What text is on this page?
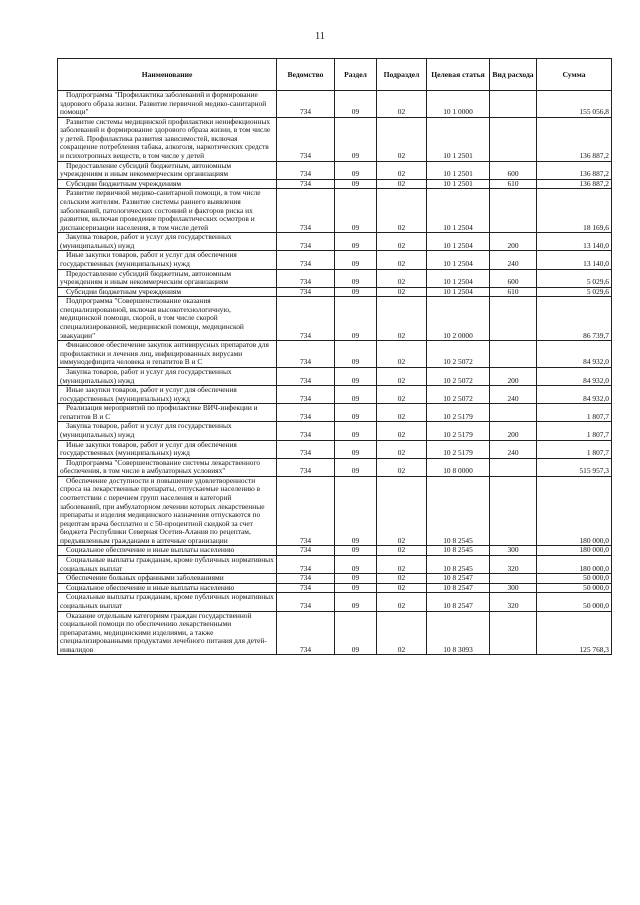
11
Наименование	Ведомство	Раздел	Подраздел	Целевая статья	Вид расхода	Сумма
Подпрограмма "Профилактика заболеваний и формирование здорового образа жизни. Развитие первичной медико-санитарной помощи"	734	09	02	10 1 0000		155 056,8
Развитие системы медицинской профилактики неинфекционных заболеваний и формирование здорового образа жизни, в том числе у детей. Профилактика развития зависимостей, включая сокращение потребления табака, алкоголя, наркотических средств и психотропных веществ, в том числе у детей	734	09	02	10 1 2501		136 887,2
Предоставление субсидий бюджетным, автономным учреждениям и иным некоммерческим организациям	734	09	02	10 1 2501	600	136 887,2
Субсидии бюджетным учреждениям	734	09	02	10 1 2501	610	136 887,2
Развитие первичной медико-санитарной помощи, в том числе сельским жителям. Развитие системы раннего выявления заболеваний, патологических состояний и факторов риска их развития, включая проведение профилактических осмотров и диспансеризации населения, в том числе детей	734	09	02	10 1 2504		18 169,6
Закупка товаров, работ и услуг для государственных (муниципальных) нужд	734	09	02	10 1 2504	200	13 140,0
Иные закупки товаров, работ и услуг для обеспечения государственных (муниципальных) нужд	734	09	02	10 1 2504	240	13 140,0
Предоставление субсидий бюджетным, автономным учреждениям и иным некоммерческим организациям	734	09	02	10 1 2504	600	5 029,6
Субсидии бюджетным учреждениям	734	09	02	10 1 2504	610	5 029,6
Подпрограмма "Совершенствование оказания специализированной, включая высокотехнологичную, медицинской помощи, скорой, в том числе скорой специализированной, медицинской помощи, медицинской эвакуации"	734	09	02	10 2 0000		86 739,7
Финансовое обеспечение закупок антивирусных препаратов для профилактики и лечения лиц, инфицированных вирусами иммунодефицита человека и гепатитов В и С	734	09	02	10 2 5072		84 932,0
Закупка товаров, работ и услуг для государственных (муниципальных) нужд	734	09	02	10 2 5072	200	84 932,0
Иные закупки товаров, работ и услуг для обеспечения государственных (муниципальных) нужд	734	09	02	10 2 5072	240	84 932,0
Реализация мероприятий по профилактике ВИЧ-инфекции и гепатитов В и С	734	09	02	10 2 5179		1 807,7
Закупка товаров, работ и услуг для государственных (муниципальных) нужд	734	09	02	10 2 5179	200	1 807,7
Иные закупки товаров, работ и услуг для обеспечения государственных (муниципальных) нужд	734	09	02	10 2 5179	240	1 807,7
Подпрограмма "Совершенствование системы лекарственного обеспечения, в том числе в амбулаторных условиях"	734	09	02	10 8 0000		515 957,3
Обеспечение доступности и повышение удовлетворенности спроса на лекарственные препараты, отпускаемые населению в соответствии с перечнем групп населения и категорий заболеваний, при амбулаторном лечении которых лекарственные препараты и изделия медицинского назначения отпускаются по рецептам врача бесплатно и с 50-процентной скидкой за счет бюджета Республики Северная Осетия-Алания по рецептам, предъявленным гражданами в аптечные организации	734	09	02	10 8 2545		180 000,0
Социальное обеспечение и иные выплаты населению	734	09	02	10 8 2545	300	180 000,0
Социальные выплаты гражданам, кроме публичных нормативных социальных выплат	734	09	02	10 8 2545	320	180 000,0
Обеспечение больных орфанными заболеваниями	734	09	02	10 8 2547		50 000,0
Социальное обеспечение и иные выплаты населению	734	09	02	10 8 2547	300	50 000,0
Социальные выплаты гражданам, кроме публичных нормативных социальных выплат	734	09	02	10 8 2547	320	50 000,0
Оказание отдельным категориям граждан государственной социальной помощи по обеспечению лекарственными препаратами, медицинскими изделиями, а также специализированными продуктами лечебного питания для детей-инвалидов	734	09	02	10 8 3093		125 768,3
